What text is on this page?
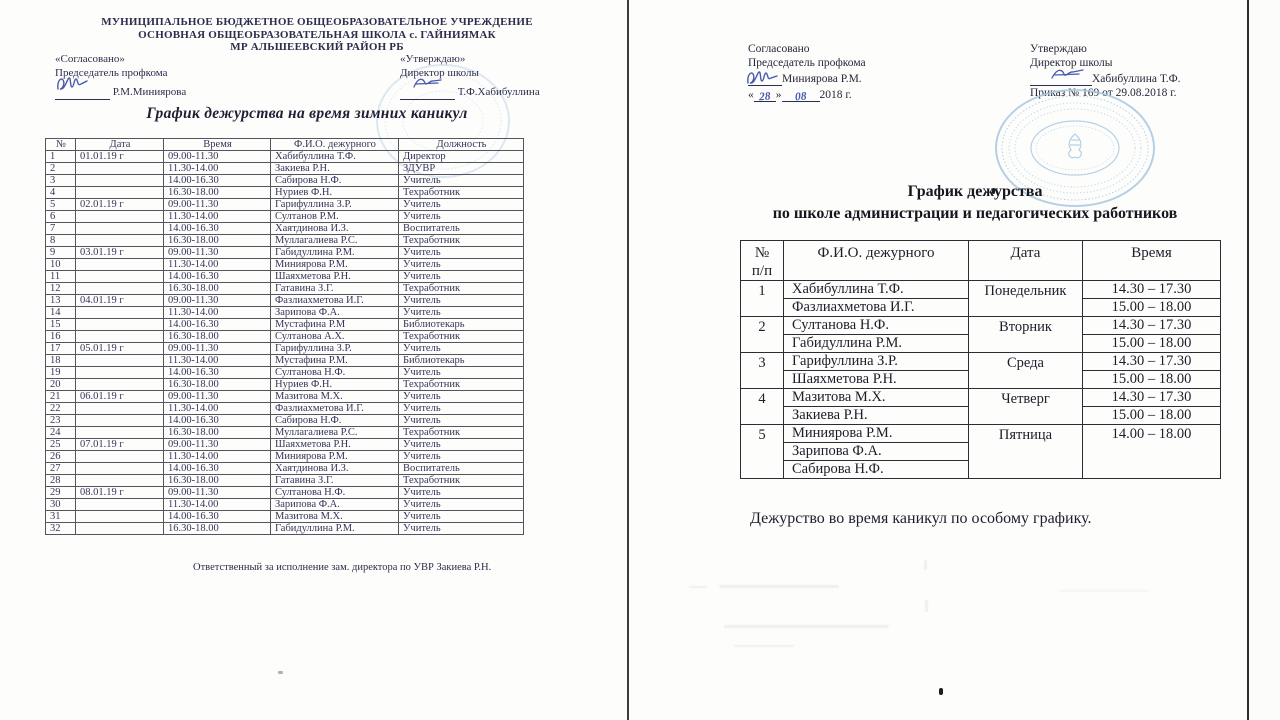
МУНИЦИПАЛЬНОЕ БЮДЖЕТНОЕ ОБЩЕОБРАЗОВАТЕЛЬНОЕ УЧРЕЖДЕНИЕ
ОСНОВНАЯ ОБЩЕОБРАЗОВАТЕЛЬНАЯ ШКОЛА с. ГАЙНИЯМАК
МР АЛЬШЕЕВСКИЙ РАЙОН РБ
«Согласовано»
Председатель профкома
Р.М.Миниярова
«Утверждаю»
Директор школы
Т.Ф.Хабибуллина
График дежурства на время зимних каникул
№	Дата	Время	Ф.И.О. дежурного	Должность
1	01.01.19 г	09.00-11.30	Хабибуллина Т.Ф.	Директор
2		11.30-14.00	Закиева Р.Н.	ЗДУВР
3		14.00-16.30	Сабирова Н.Ф.	Учитель
4		16.30-18.00	Нуриев Ф.Н.	Техработник
5	02.01.19 г	09.00-11.30	Гарифуллина З.Р.	Учитель
6		11.30-14.00	Султанов Р.М.	Учитель
7		14.00-16.30	Хаятдинова И.З.	Воспитатель
8		16.30-18.00	Муллагалиева Р.С.	Техработник
9	03.01.19 г	09.00-11.30	Габидуллина Р.М.	Учитель
10		11.30-14.00	Миниярова Р.М.	Учитель
11		14.00-16.30	Шаяхметова Р.Н.	Учитель
12		16.30-18.00	Гатавина З.Г.	Техработник
13	04.01.19 г	09.00-11.30	Фазлиахметова И.Г.	Учитель
14		11.30-14.00	Зарипова Ф.А.	Учитель
15		14.00-16.30	Мустафина Р.М	Библиотекарь
16		16.30-18.00	Султанова А.Х.	Техработник
17	05.01.19 г	09.00-11.30	Гарифуллина З.Р.	Учитель
18		11.30-14.00	Мустафина Р.М.	Библиотекарь
19		14.00-16.30	Султанова Н.Ф.	Учитель
20		16.30-18.00	Нуриев Ф.Н.	Техработник
21	06.01.19 г	09.00-11.30	Мазитова М.Х.	Учитель
22		11.30-14.00	Фазлиахметова И.Г.	Учитель
23		14.00-16.30	Сабирова Н.Ф.	Учитель
24		16.30-18.00	Муллагалиева Р.С.	Техработник
25	07.01.19 г	09.00-11.30	Шаяхметова Р.Н.	Учитель
26		11.30-14.00	Миниярова Р.М.	Учитель
27		14.00-16.30	Хаятдинова И.З.	Воспитатель
28		16.30-18.00	Гатавина З.Г.	Техработник
29	08.01.19 г	09.00-11.30	Султанова Н.Ф.	Учитель
30		11.30-14.00	Зарипова Ф.А.	Учитель
31		14.00-16.30	Мазитова М.Х.	Учитель
32		16.30-18.00	Габидуллина Р.М.	Учитель
Ответственный за исполнение зам. директора по УВР Закиева Р.Н.
Согласовано
Председатель профкома
Миниярова Р.М.
« 28 » 08 2018 г.
Утверждаю
Директор школы
Хабибуллина Т.Ф.
Приказ № 169 от 29.08.2018 г.
График дежурства
по школе администрации и педагогических работников
№
п/п	Ф.И.О. дежурного	Дата	Время
1	Хабибуллина Т.Ф.	Понедельник	14.30 – 17.30
	Фазлиахметова И.Г.		15.00 – 18.00
2	Султанова Н.Ф.	Вторник	14.30 – 17.30
	Габидуллина Р.М.		15.00 – 18.00
3	Гарифуллина З.Р.	Среда	14.30 – 17.30
	Шаяхметова Р.Н.		15.00 – 18.00
4	Мазитова М.Х.	Четверг	14.30 – 17.30
	Закиева Р.Н.		15.00 – 18.00
5	Миниярова Р.М.	Пятница	14.00 – 18.00
	Зарипова Ф.А.		
	Сабирова Н.Ф.		
Дежурство во время каникул по особому графику.
